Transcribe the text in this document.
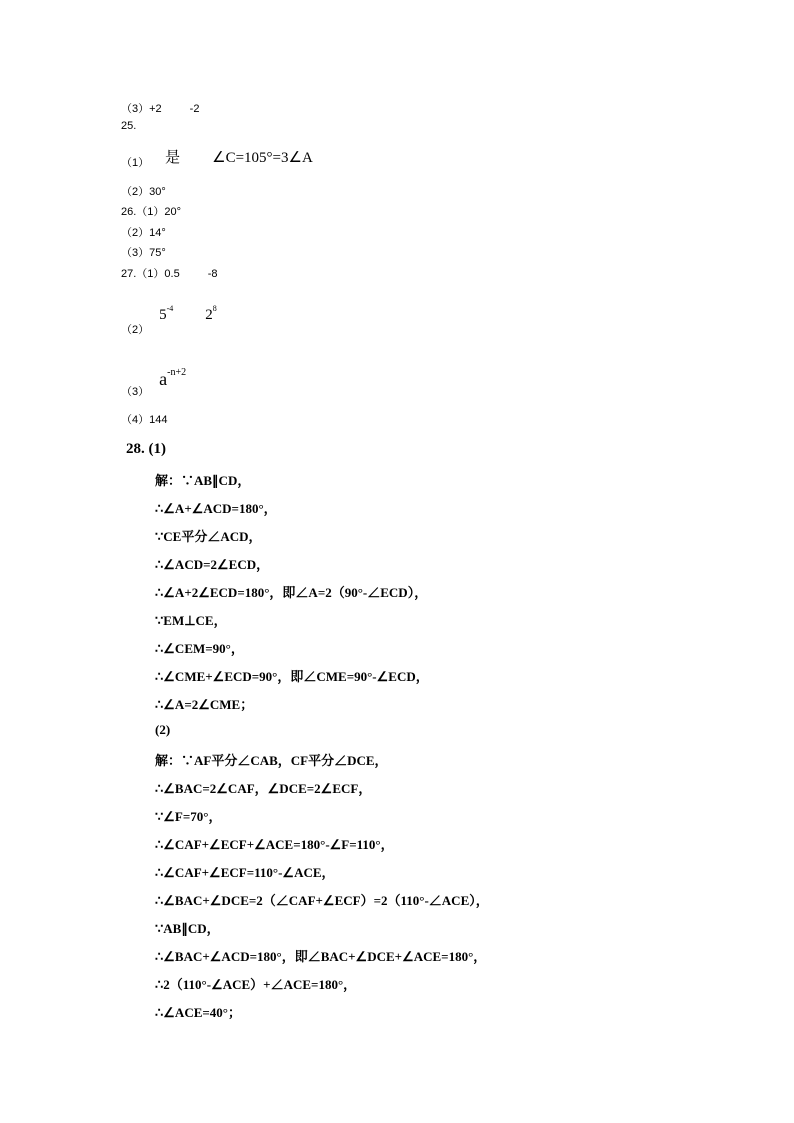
（3）+2	-2
25.
$_{(1)}$ 是 ∠C=105°=3∠A
（2）30°
26.（1）20°
（2）14°
（3）75°
27.（1）0.5	-8
$_{(2)}$ $5^{-4}$ $2^8$
$_{(3)}$ $a^{-n+2}$
（4）144
28. (1)
解：∵AB∥CD，
∴∠A+∠ACD=180°，
∵CE平分∠ACD，
∴∠ACD=2∠ECD，
∴∠A+2∠ECD=180°，即∠A=2（90°-∠ECD），
∵EM⊥CE，
∴∠CEM=90°，
∴∠CME+∠ECD=90°，即∠CME=90°-∠ECD，
∴∠A=2∠CME；
(2)
解：∵AF平分∠CAB，CF平分∠DCE，
∴∠BAC=2∠CAF，∠DCE=2∠ECF，
∵∠F=70°，
∴∠CAF+∠ECF+∠ACE=180°-∠F=110°，
∴∠CAF+∠ECF=110°-∠ACE，
∴∠BAC+∠DCE=2（∠CAF+∠ECF）=2（110°-∠ACE），
∵AB∥CD，
∴∠BAC+∠ACD=180°，即∠BAC+∠DCE+∠ACE=180°，
∴2（110°-∠ACE）+∠ACE=180°，
∴∠ACE=40°；
